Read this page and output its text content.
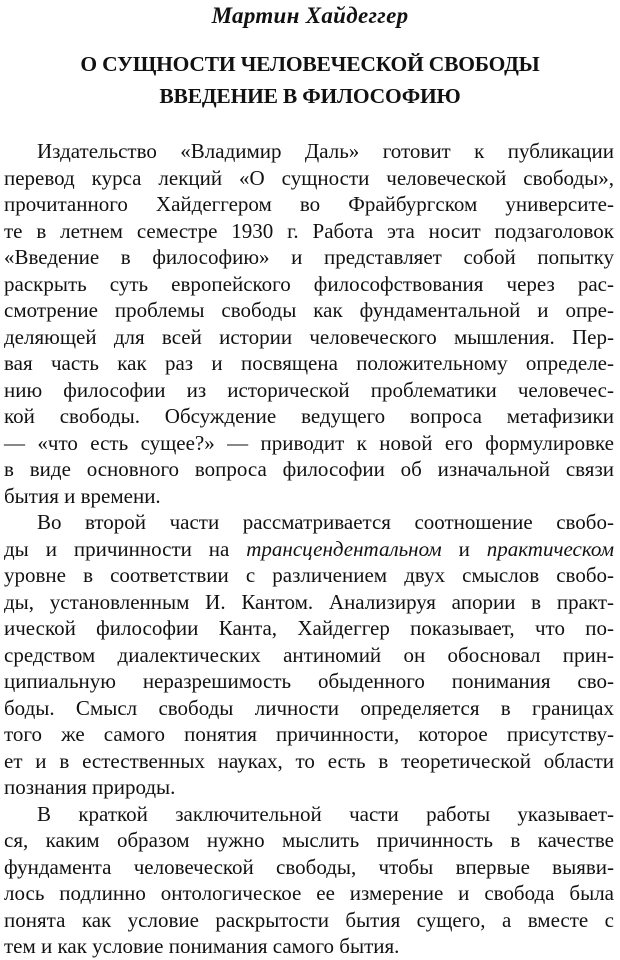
Мартин Хайдеггер
О СУЩНОСТИ ЧЕЛОВЕЧЕСКОЙ СВОБОДЫ
ВВЕДЕНИЕ В ФИЛОСОФИЮ
Издательство «Владимир Даль» готовит к публикации
перевод курса лекций «О сущности человеческой свободы»,
прочитанного Хайдеггером во Фрайбургском университе-
те в летнем семестре 1930 г. Работа эта носит подзаголовок
«Введение в философию» и представляет собой попытку
раскрыть суть европейского философствования через рас-
смотрение проблемы свободы как фундаментальной и опре-
деляющей для всей истории человеческого мышления. Пер-
вая часть как раз и посвящена положительному определе-
нию философии из исторической проблематики человечес-
кой свободы. Обсуждение ведущего вопроса метафизики
— «что есть сущее?» — приводит к новой его формулировке
в виде основного вопроса философии об изначальной связи
бытия и времени.
Во второй части рассматривается соотношение свобо-
ды и причинности на трансцендентальном и практическом
уровне в соответствии с различением двух смыслов свобо-
ды, установленным И. Кантом. Анализируя апории в практ-
ической философии Канта, Хайдеггер показывает, что по-
средством диалектических антиномий он обосновал прин-
ципиальную неразрешимость обыденного понимания сво-
боды. Смысл свободы личности определяется в границах
того же самого понятия причинности, которое присутству-
ет и в естественных науках, то есть в теоретической области
познания природы.
В краткой заключительной части работы указывает-
ся, каким образом нужно мыслить причинность в качестве
фундамента человеческой свободы, чтобы впервые выяви-
лось подлинно онтологическое ее измерение и свобода была
понята как условие раскрытости бытия сущего, а вместе с
тем и как условие понимания самого бытия.
